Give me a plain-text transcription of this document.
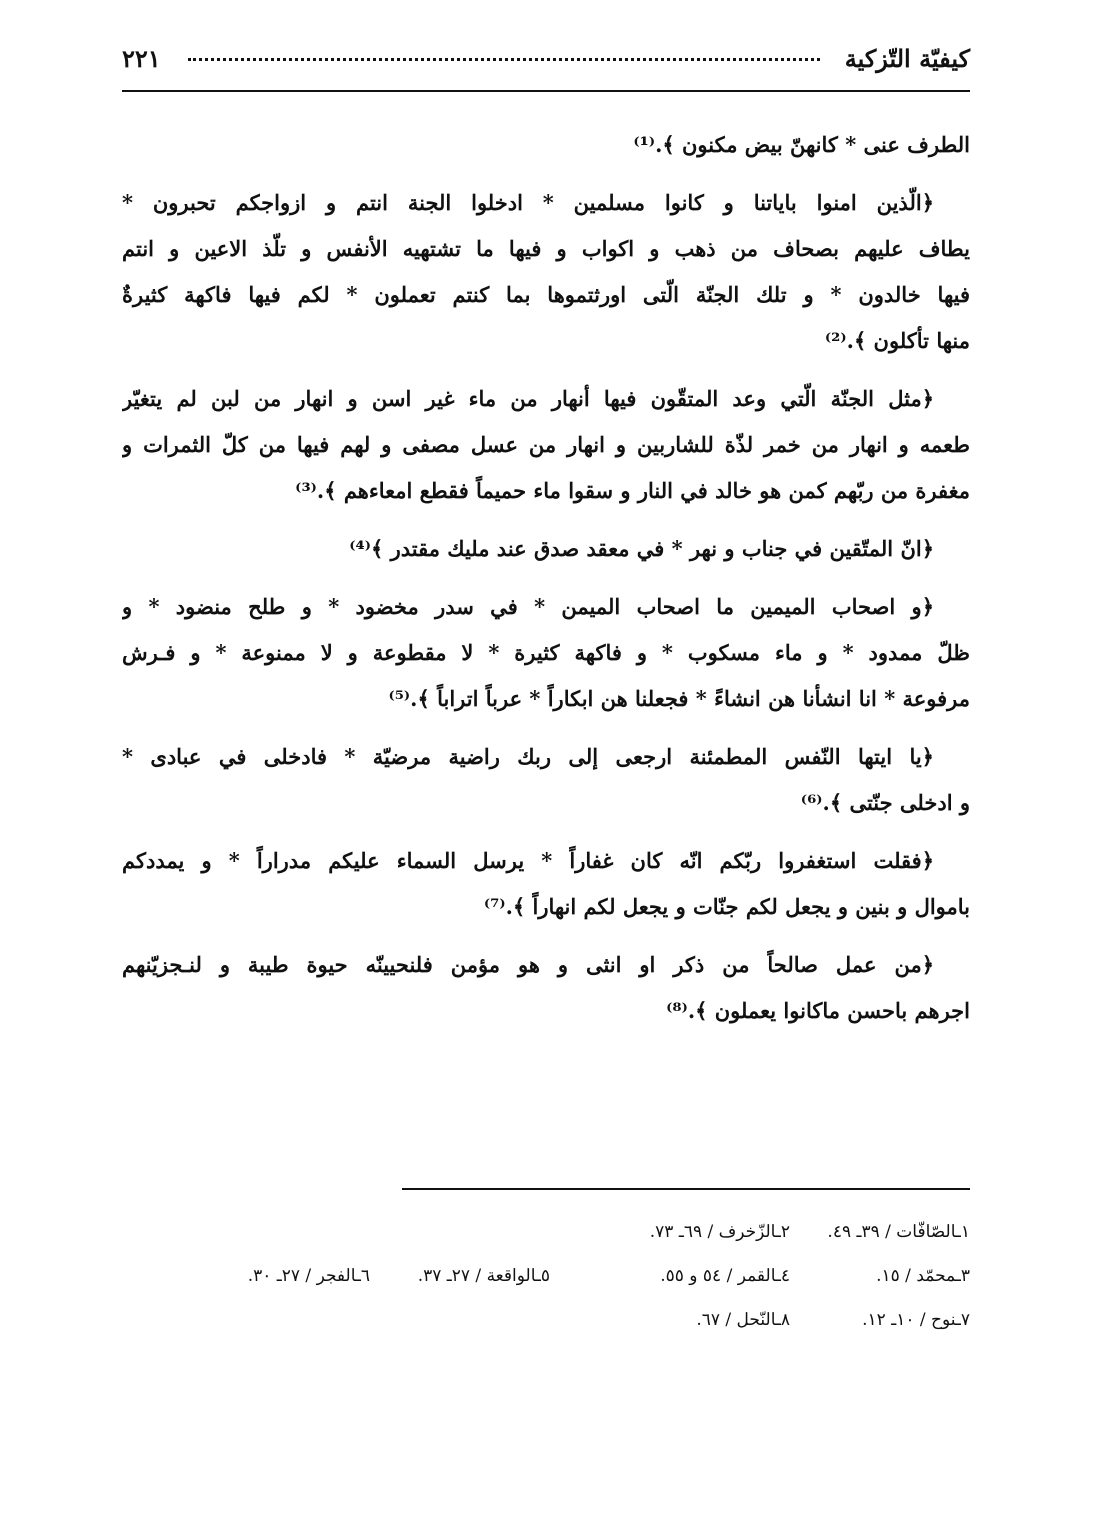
كيفيّة التّزكية
٢٢١
الطرف عنى * كانهنّ بيض مكنون ﴾.⁽¹⁾
﴿الّذين امنوا باياتنا و كانوا مسلمين * ادخلوا الجنة انتم و ازواجكم تحبرون *
يطاف عليهم بصحاف من ذهب و اكواب و فيها ما تشتهيه الأنفس و تلّذ الاعين و انتم
فيها خالدون * و تلك الجنّة الّتى اورثتموها بما كنتم تعملون * لكم فيها فاكهة كثيرةٌ
منها تأكلون ﴾.⁽²⁾
﴿مثل الجنّة الّتي وعد المتقّون فيها أنهار من ماء غير اسن و انهار من لبن لم يتغيّر
طعمه و انهار من خمر لذّة للشاربين و انهار من عسل مصفى و لهم فيها من كلّ الثمرات و
مغفرة من ربّهم كمن هو خالد في النار و سقوا ماء حميماً فقطع امعاءهم ﴾.⁽³⁾
﴿انّ المتّقين في جناب و نهر * في معقد صدق عند مليك مقتدر ﴾⁽⁴⁾
﴿و اصحاب الميمين ما اصحاب الميمن * في سدر مخضود * و طلح منضود * و
ظلّ ممدود * و ماء مسكوب * و فاكهة كثيرة * لا مقطوعة و لا ممنوعة * و فـرش
مرفوعة * انا انشأنا هن انشاءً * فجعلنا هن ابكاراً * عرباً اتراباً ﴾.⁽⁵⁾
﴿يا ايتها النّفس المطمئنة ارجعى إلى ربك راضية مرضيّة * فادخلى في عبادى *
و ادخلى جنّتى ﴾.⁽⁶⁾
﴿فقلت استغفروا ربّكم انّه كان غفاراً * يرسل السماء عليكم مدراراً * و يمددكم
باموال و بنين و يجعل لكم جنّات و يجعل لكم انهاراً ﴾.⁽⁷⁾
﴿من عمل صالحاً من ذكر او انثى و هو مؤمن فلنحيينّه حيوة طيبة و لنـجزيّنهم
اجرهم باحسن ماكانوا يعملون ﴾.⁽⁸⁾
١ـالصّافّات / ٣٩ـ ٤٩.
٢ـالزّخرف / ٦٩ـ ٧٣.
٣ـمحمّد / ١٥.
٤ـالقمر / ٥٤ و ٥٥.
٥ـالواقعة / ٢٧ـ ٣٧.
٦ـالفجر / ٢٧ـ ٣٠.
٧ـنوح / ١٠ـ ١٢.
٨ـالنّحل / ٦٧.
